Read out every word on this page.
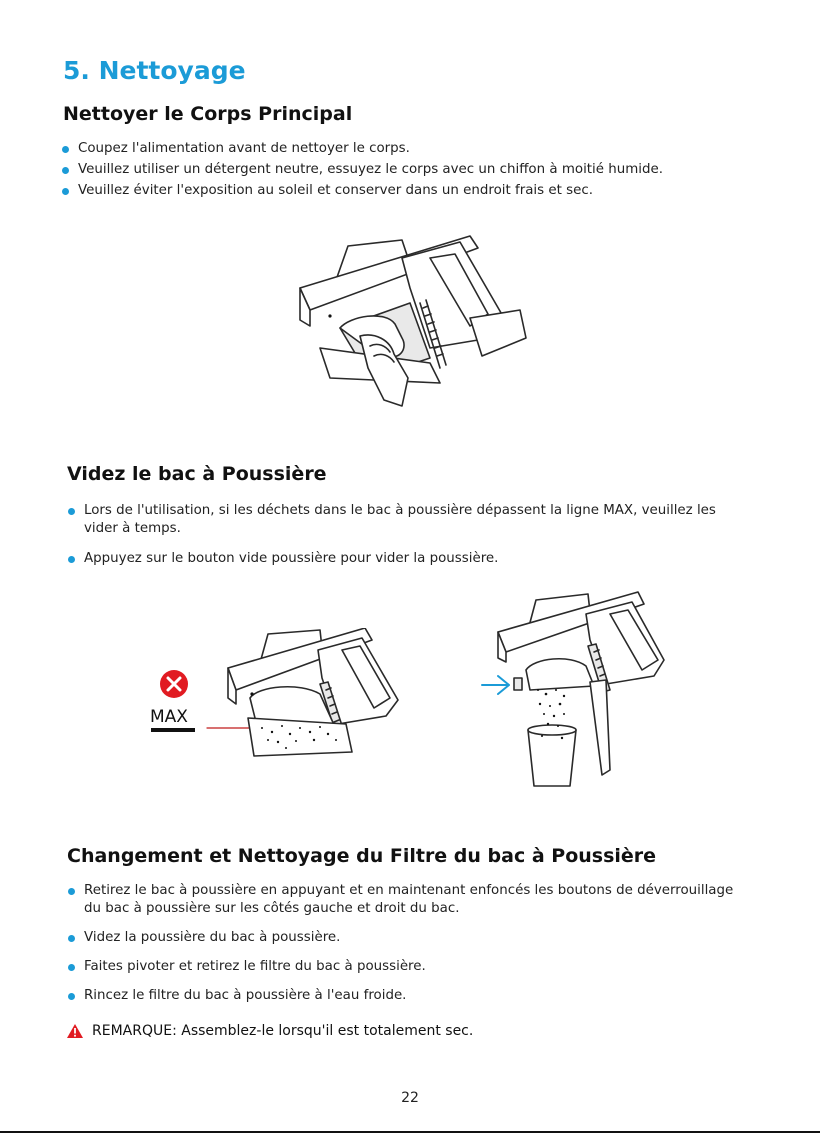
5. Nettoyage
Nettoyer le Corps Principal
Coupez l'alimentation avant de nettoyer le corps.
Veuillez utiliser un détergent neutre, essuyez le corps avec un chiffon à moitié humide.
Veuillez éviter l'exposition au soleil et conserver dans un endroit frais et sec.
Videz le bac à Poussière
Lors de l'utilisation, si les déchets dans le bac à poussière dépassent la ligne MAX, veuillez les vider à temps.
Appuyez sur le bouton vide poussière pour vider la poussière.
MAX
Changement et Nettoyage du Filtre du bac à Poussière
Retirez le bac à poussière en appuyant et en maintenant enfoncés les boutons de déverrouillage du bac à poussière sur les côtés gauche et droit du bac.
Videz la poussière du bac à poussière.
Faites pivoter et retirez le filtre du bac à poussière.
Rincez le filtre du bac à poussière à l'eau froide.
REMARQUE: Assemblez-le lorsqu'il est totalement sec.
22
